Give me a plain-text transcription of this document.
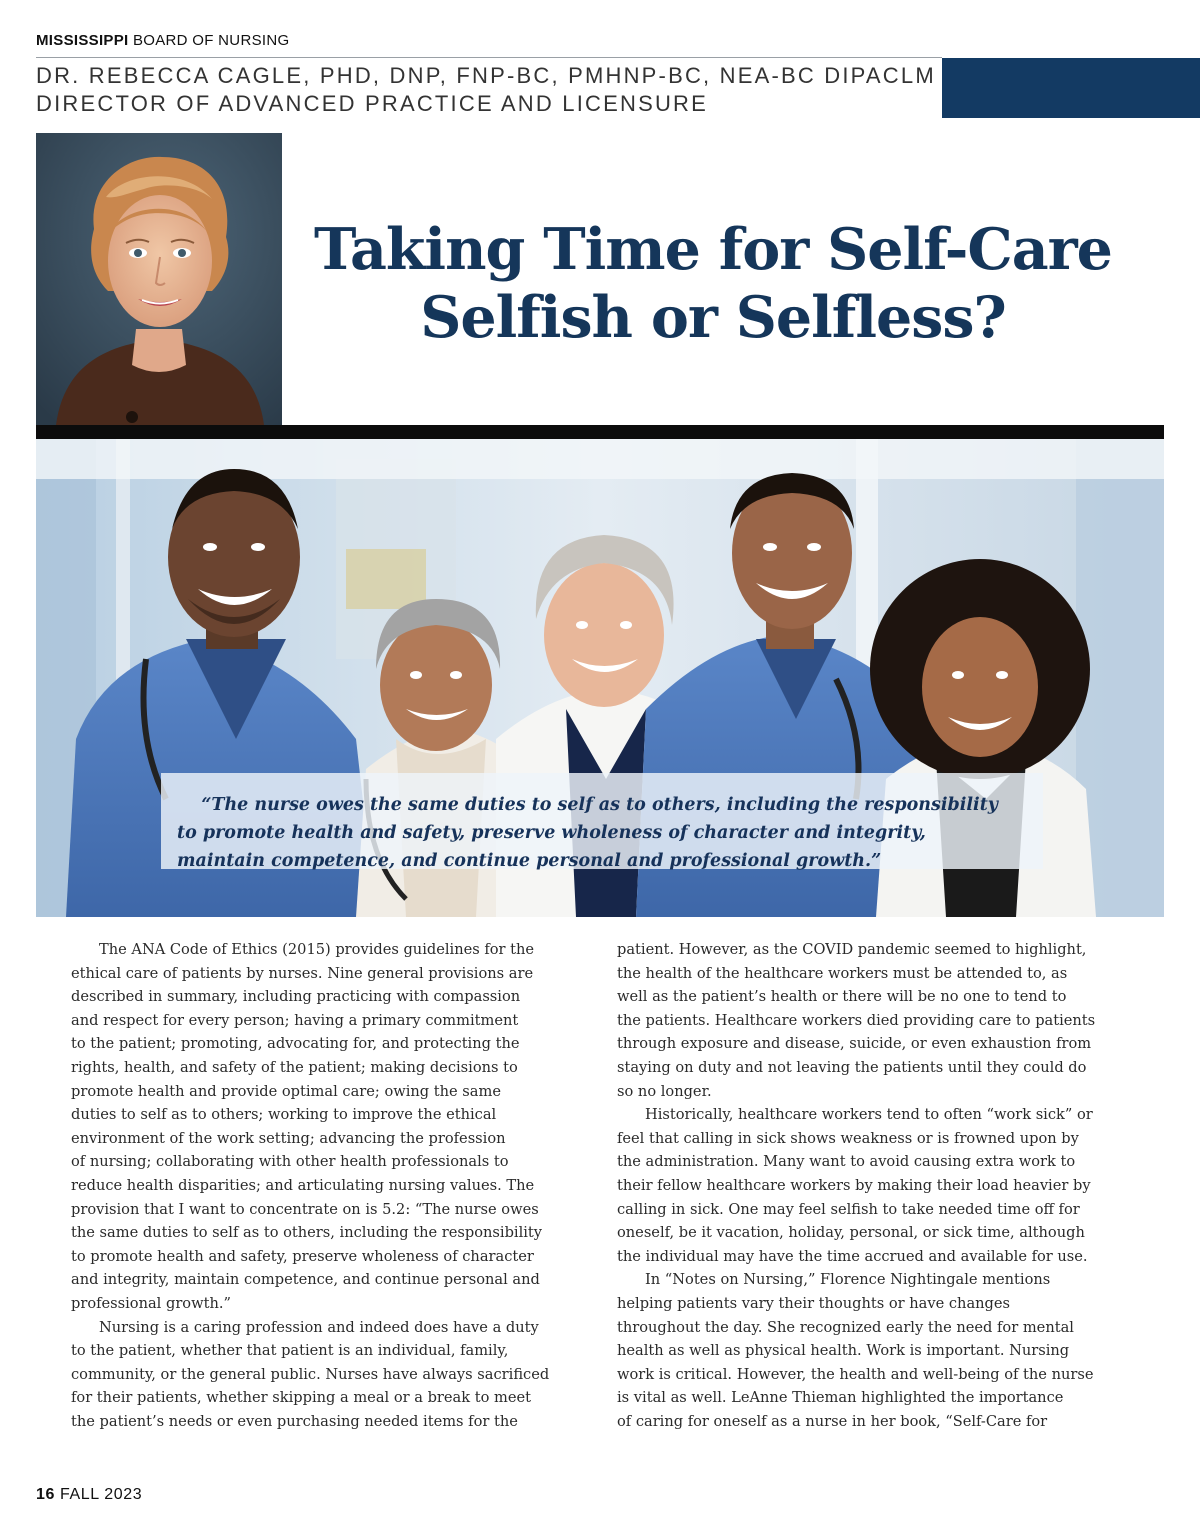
MISSISSIPPI BOARD OF NURSING
DR. REBECCA CAGLE, PHD, DNP, FNP-BC, PMHNP-BC, NEA-BC DIPACLM
DIRECTOR OF ADVANCED PRACTICE AND LICENSURE
Taking Time for Self-Care
Selfish or Selfless?
“The nurse owes the same duties to self as to others, including the responsibility
to promote health and safety, preserve wholeness of character and integrity,
maintain competence, and continue personal and professional growth.”
The ANA Code of Ethics (2015) provides guidelines for the
ethical care of patients by nurses. Nine general provisions are
described in summary, including practicing with compassion
and respect for every person; having a primary commitment
to the patient; promoting, advocating for, and protecting the
rights, health, and safety of the patient; making decisions to
promote health and provide optimal care; owing the same
duties to self as to others; working to improve the ethical
environment of the work setting; advancing the profession
of nursing; collaborating with other health professionals to
reduce health disparities; and articulating nursing values. The
provision that I want to concentrate on is 5.2: “The nurse owes
the same duties to self as to others, including the responsibility
to promote health and safety, preserve wholeness of character
and integrity, maintain competence, and continue personal and
professional growth.”
Nursing is a caring profession and indeed does have a duty
to the patient, whether that patient is an individual, family,
community, or the general public. Nurses have always sacrificed
for their patients, whether skipping a meal or a break to meet
the patient’s needs or even purchasing needed items for the
patient. However, as the COVID pandemic seemed to highlight,
the health of the healthcare workers must be attended to, as
well as the patient’s health or there will be no one to tend to
the patients. Healthcare workers died providing care to patients
through exposure and disease, suicide, or even exhaustion from
staying on duty and not leaving the patients until they could do
so no longer.
Historically, healthcare workers tend to often “work sick” or
feel that calling in sick shows weakness or is frowned upon by
the administration. Many want to avoid causing extra work to
their fellow healthcare workers by making their load heavier by
calling in sick. One may feel selfish to take needed time off for
oneself, be it vacation, holiday, personal, or sick time, although
the individual may have the time accrued and available for use.
In “Notes on Nursing,” Florence Nightingale mentions
helping patients vary their thoughts or have changes
throughout the day. She recognized early the need for mental
health as well as physical health. Work is important. Nursing
work is critical. However, the health and well-being of the nurse
is vital as well. LeAnne Thieman highlighted the importance
of caring for oneself as a nurse in her book, “Self-Care for
16 FALL 2023
